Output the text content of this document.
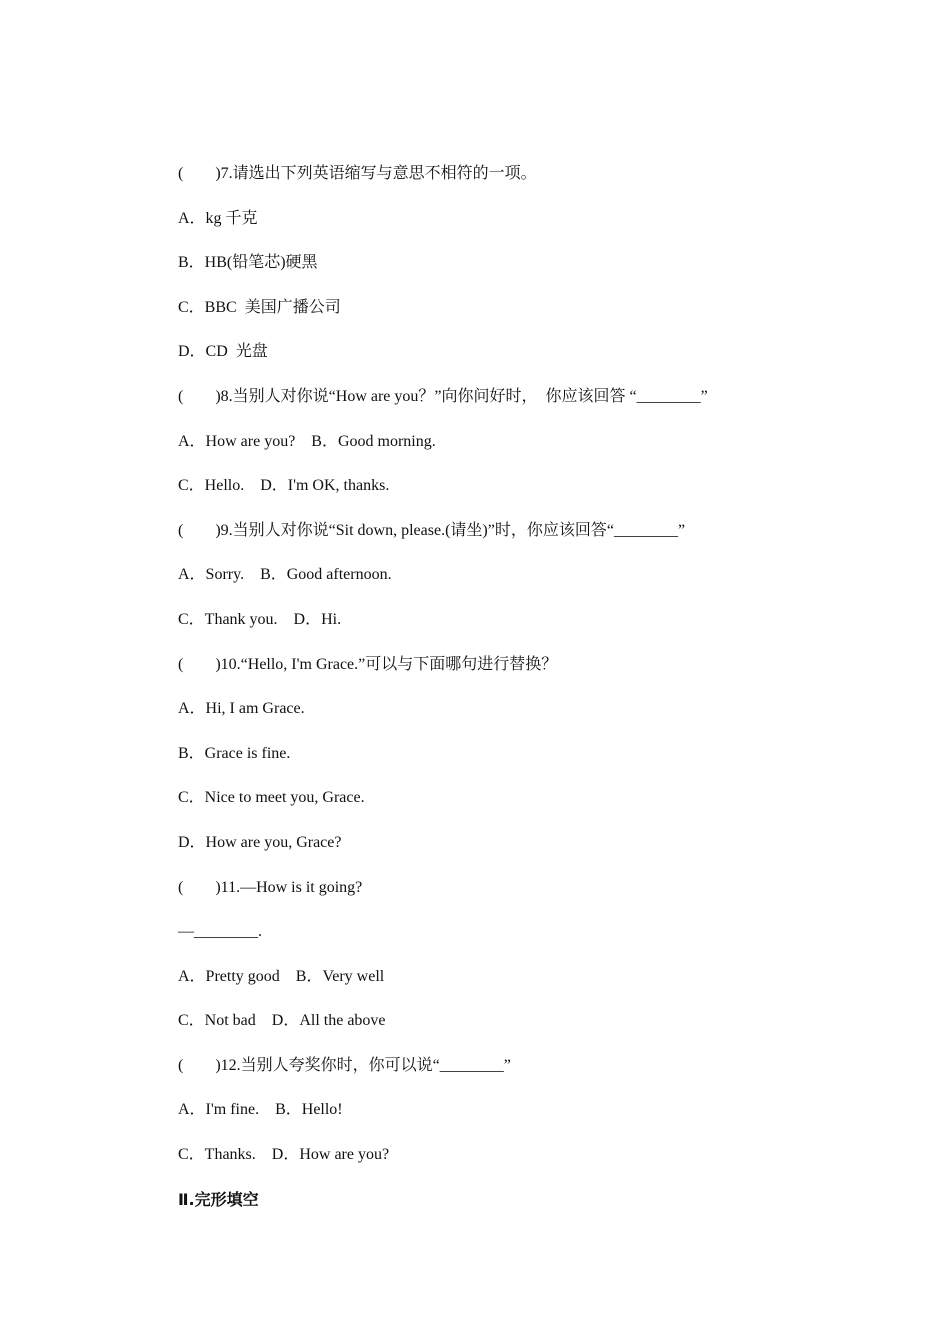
(　　)7.请选出下列英语缩写与意思不相符的一项。
A．kg 千克
B．HB(铅笔芯)硬黑
C．BBC  美国广播公司
D．CD  光盘
(　　)8.当别人对你说“How are you？”向你问好时，  你应该回答 “________”
A．How are you?　B．Good morning.
C．Hello.　D．I'm OK, thanks.
(　　)9.当别人对你说“Sit down, please.(请坐)”时，你应该回答“________”
A．Sorry.　B．Good afternoon.
C．Thank you.　D．Hi.
(　　)10.“Hello, I'm Grace.”可以与下面哪句进行替换？
A．Hi, I am Grace.
B．Grace is fine.
C．Nice to meet you, Grace.
D．How are you, Grace?
(　　)11.—How is it going?
—________.
A．Pretty good　B．Very well
C．Not bad　D．All the above
(　　)12.当别人夸奖你时，你可以说“________”
A．I'm fine.　B．Hello!
C．Thanks.　D．How are you?
Ⅱ.完形填空
